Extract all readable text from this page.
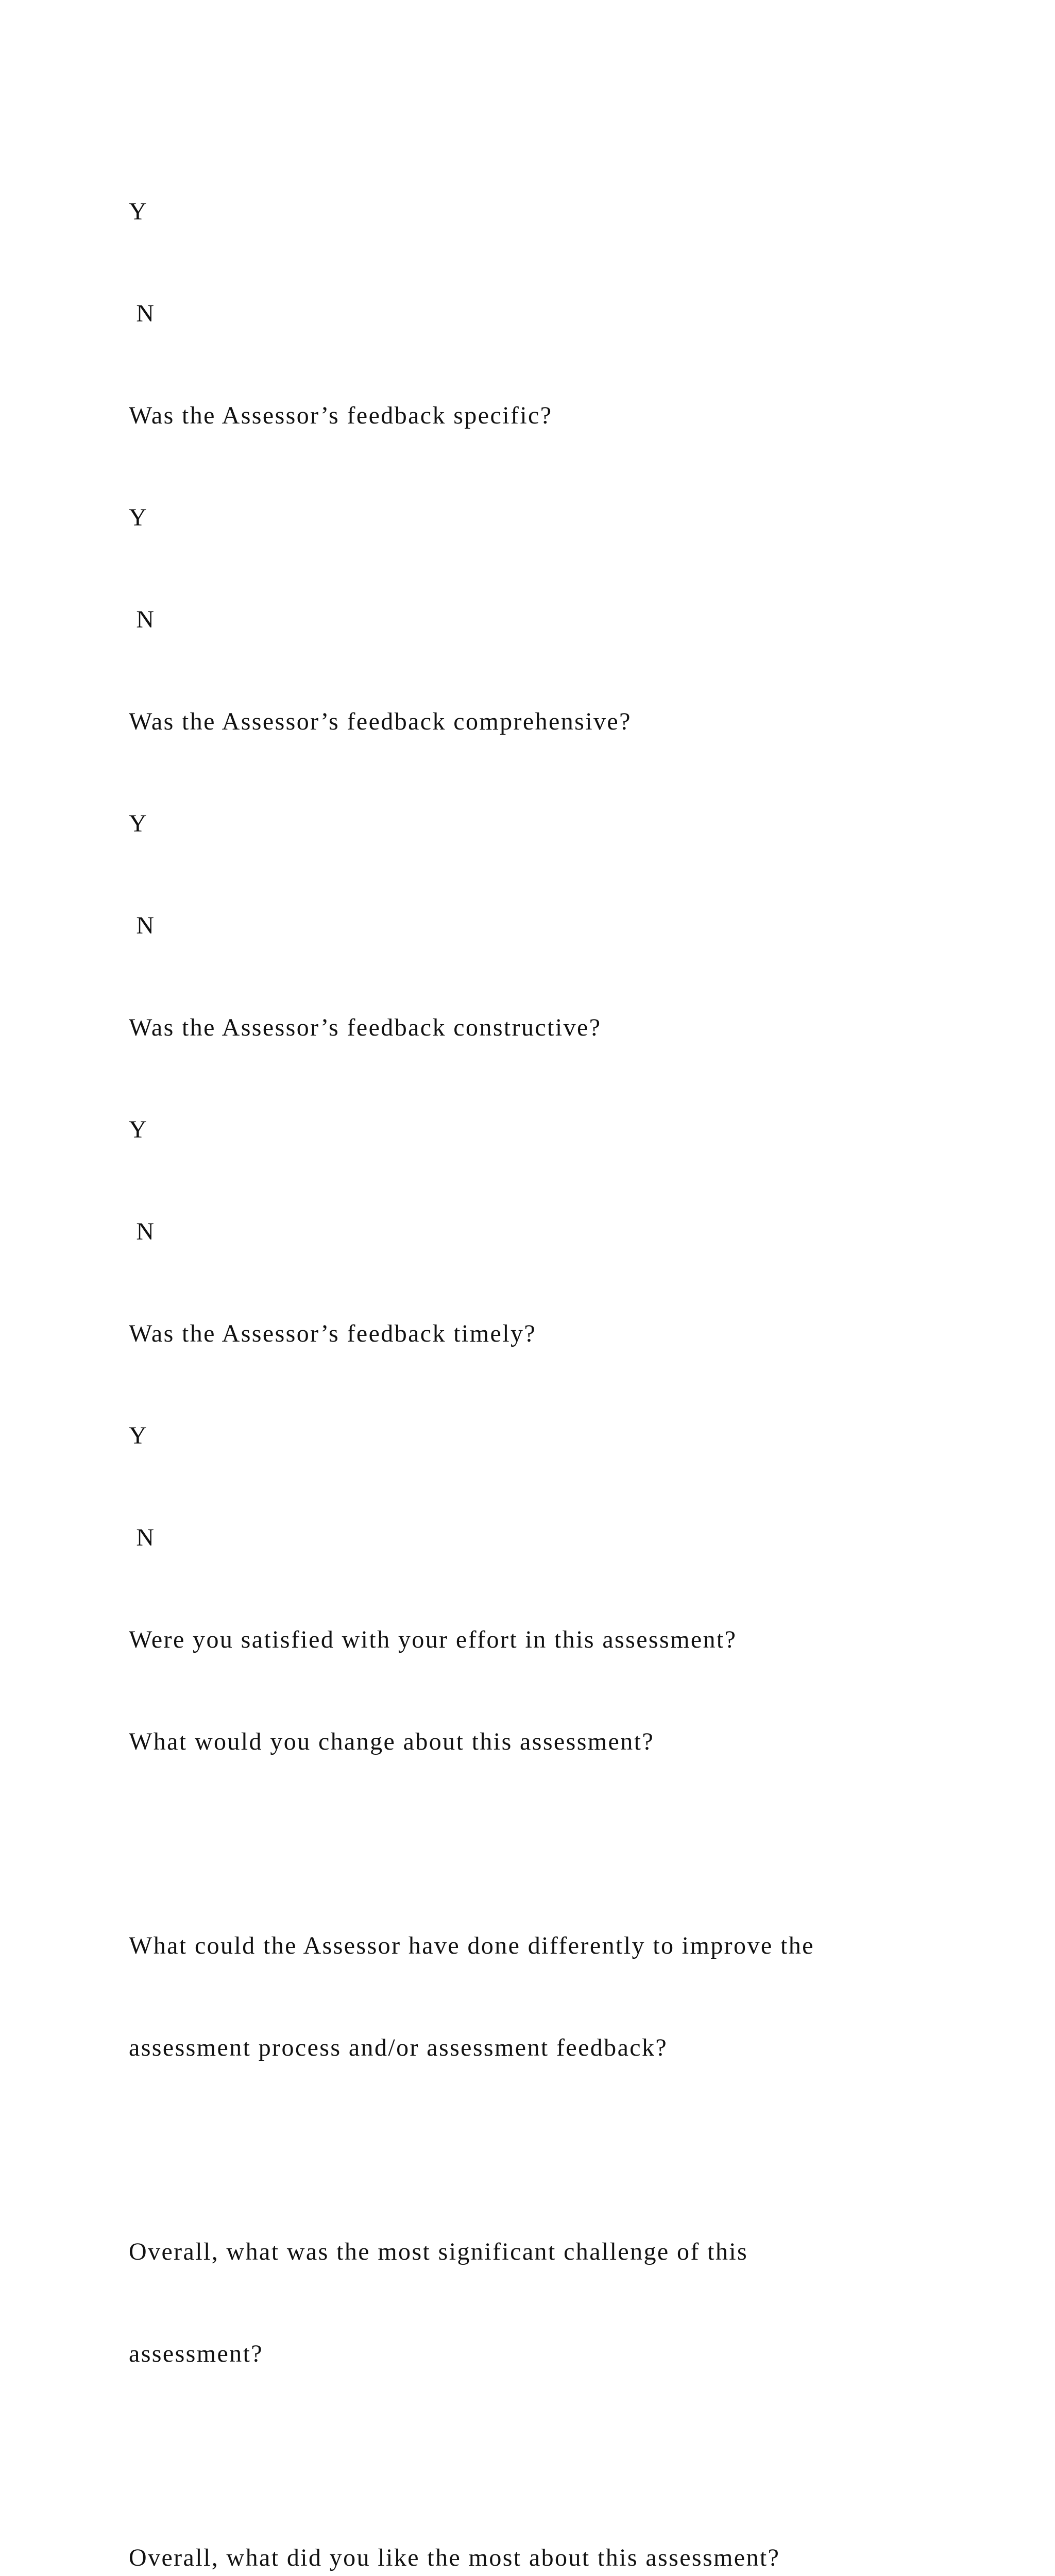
Y

N

Was the Assessor’s feedback specific?

Y

N

Was the Assessor’s feedback comprehensive?

Y

N

Was the Assessor’s feedback constructive?

Y

N

Was the Assessor’s feedback timely?

Y

N

Were you satisfied with your effort in this assessment?

What would you change about this assessment?

What could the Assessor have done differently to improve the

assessment process and/or assessment feedback?

Overall, what was the most significant challenge of this

assessment?

Overall, what did you like the most about this assessment?
